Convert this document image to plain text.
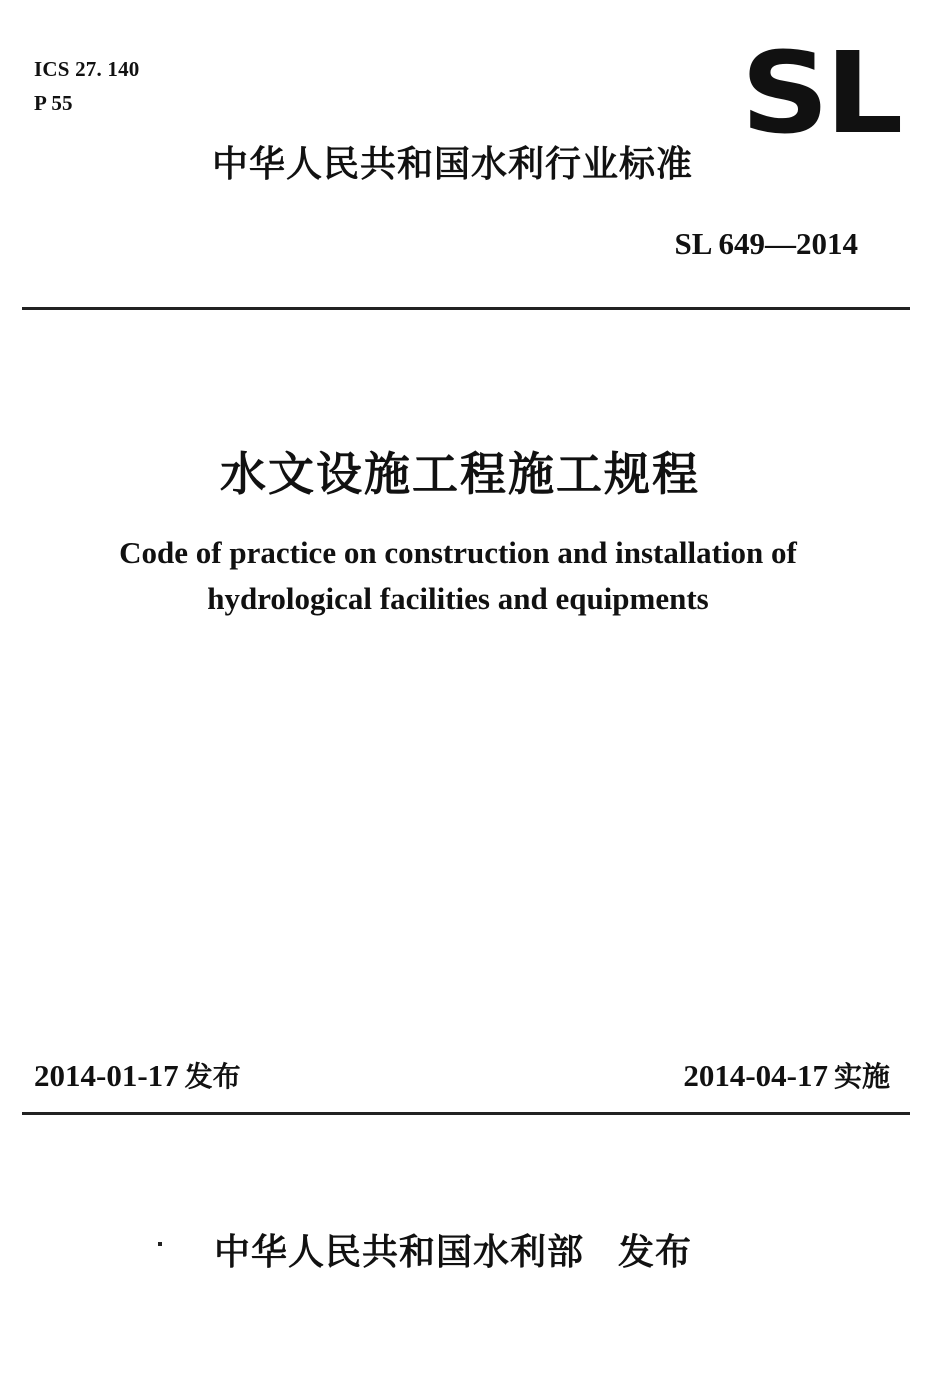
ICS 27. 140
P 55	SL
中华人民共和国水利行业标准
SL 649—2014
水文设施工程施工规程
Code of practice on construction and installation of
hydrological facilities and equipments
2014-01-17 发布	2014-04-17 实施
中华人民共和国水利部 发布
